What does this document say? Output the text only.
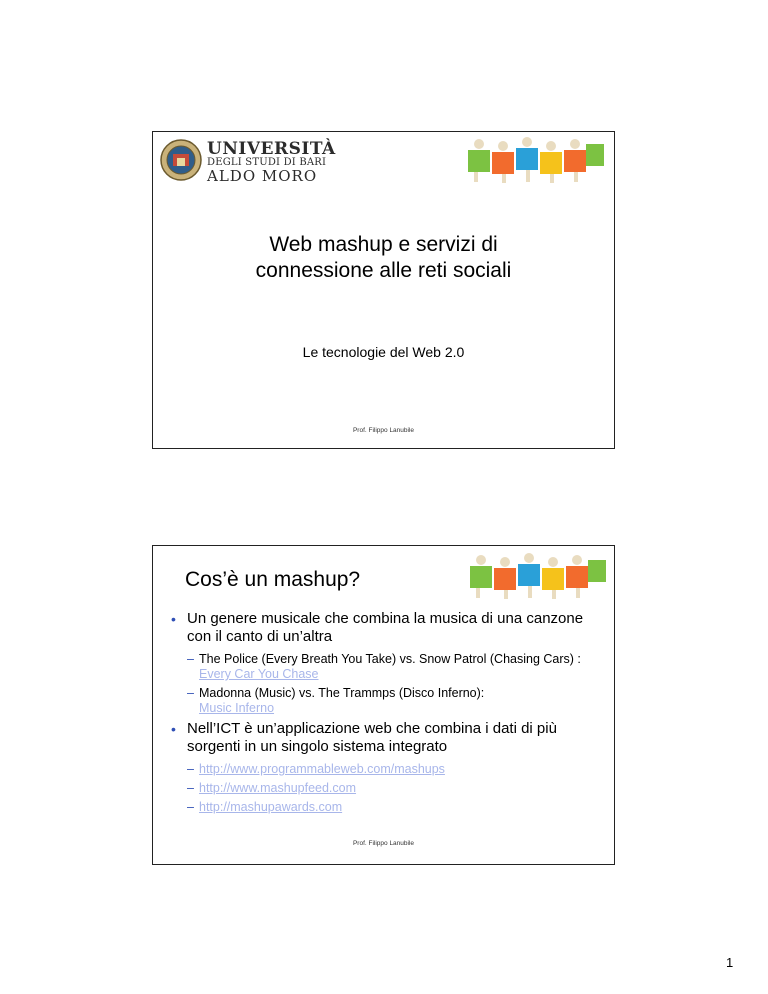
UNIVERSITÀ
DEGLI STUDI DI BARI
ALDO MORO
Web mashup e servizi di
connessione alle reti sociali
Le tecnologie del Web 2.0
Prof. Filippo Lanubile
Cos’è un mashup?
• Un genere musicale che combina la musica di una canzone con il canto di un’altra
– The Police (Every Breath You Take) vs. Snow Patrol (Chasing Cars) :
Every Car You Chase
– Madonna (Music) vs. The Trammps (Disco Inferno):
Music Inferno
• Nell’ICT è un’applicazione web che combina i dati di più sorgenti in un singolo sistema integrato
– http://www.programmableweb.com/mashups
– http://www.mashupfeed.com
– http://mashupawards.com
Prof. Filippo Lanubile
1
